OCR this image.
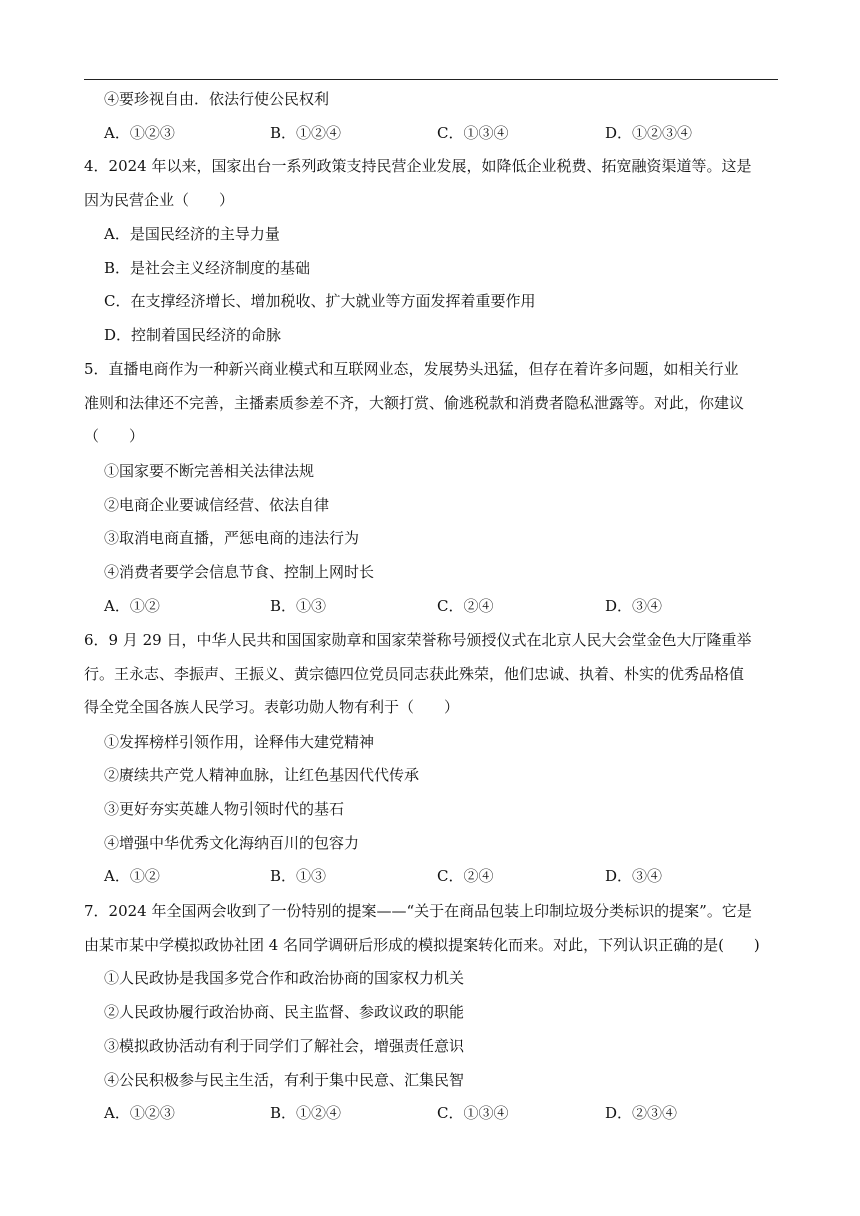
④要珍视自由．依法行使公民权利
A．①②③	B．①②④	C．①③④	D．①②③④
4．2024 年以来，国家出台一系列政策支持民营企业发展，如降低企业税费、拓宽融资渠道等。这是
因为民营企业（　　）
A．是国民经济的主导力量
B．是社会主义经济制度的基础
C．在支撑经济增长、增加税收、扩大就业等方面发挥着重要作用
D．控制着国民经济的命脉
5．直播电商作为一种新兴商业模式和互联网业态，发展势头迅猛，但存在着许多问题，如相关行业
准则和法律还不完善，主播素质参差不齐，大额打赏、偷逃税款和消费者隐私泄露等。对此，你建议
（　　）
①国家要不断完善相关法律法规
②电商企业要诚信经营、依法自律
③取消电商直播，严惩电商的违法行为
④消费者要学会信息节食、控制上网时长
A．①②	B．①③	C．②④	D．③④
6．9 月 29 日，中华人民共和国国家勋章和国家荣誉称号颁授仪式在北京人民大会堂金色大厅隆重举
行。王永志、李振声、王振义、黄宗德四位党员同志获此殊荣，他们忠诚、执着、朴实的优秀品格值
得全党全国各族人民学习。表彰功勋人物有利于（　　）
①发挥榜样引领作用，诠释伟大建党精神
②赓续共产党人精神血脉，让红色基因代代传承
③更好夯实英雄人物引领时代的基石
④增强中华优秀文化海纳百川的包容力
A．①②	B．①③	C．②④	D．③④
7．2024 年全国两会收到了一份特别的提案——“关于在商品包装上印制垃圾分类标识的提案”。它是
由某市某中学模拟政协社团 4 名同学调研后形成的模拟提案转化而来。对此，下列认识正确的是(　　)
①人民政协是我国多党合作和政治协商的国家权力机关
②人民政协履行政治协商、民主监督、参政议政的职能
③模拟政协活动有利于同学们了解社会，增强责任意识
④公民积极参与民主生活，有利于集中民意、汇集民智
A．①②③	B．①②④	C．①③④	D．②③④
